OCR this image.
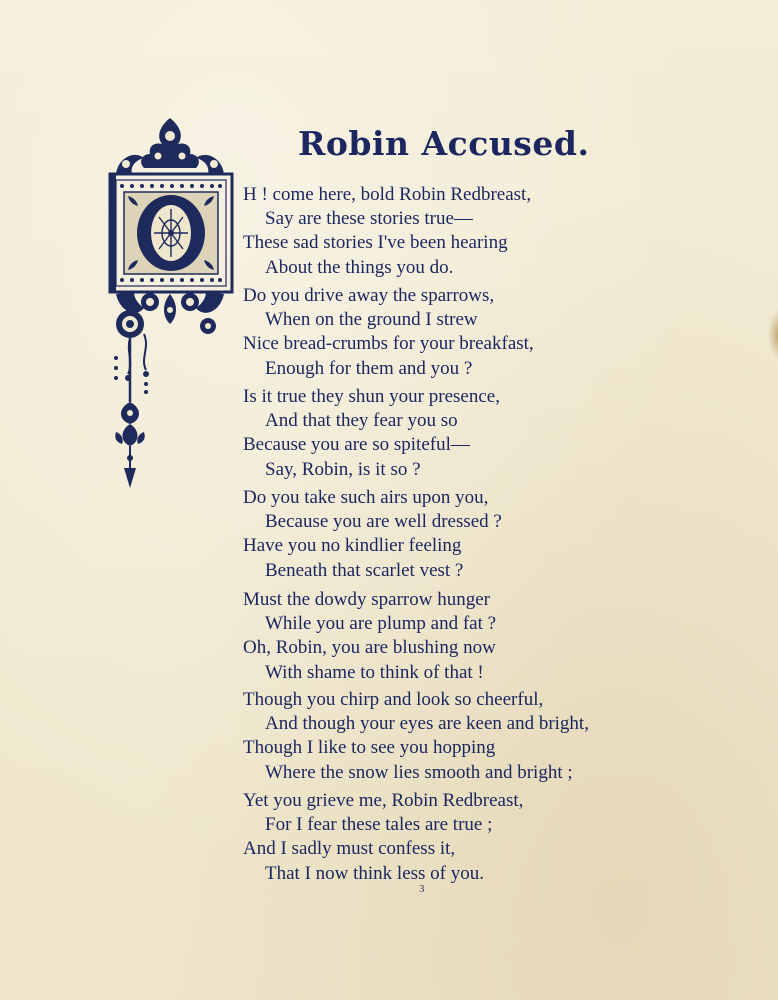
Robin Accused.
H ! come here, bold Robin Redbreast,
Say are these stories true—
These sad stories I've been hearing
About the things you do.
Do you drive away the sparrows,
When on the ground I strew
Nice bread-crumbs for your breakfast,
Enough for them and you ?
Is it true they shun your presence,
And that they fear you so
Because you are so spiteful—
Say, Robin, is it so ?
Do you take such airs upon you,
Because you are well dressed ?
Have you no kindlier feeling
Beneath that scarlet vest ?
Must the dowdy sparrow hunger
While you are plump and fat ?
Oh, Robin, you are blushing now
With shame to think of that !
Though you chirp and look so cheerful,
And though your eyes are keen and bright,
Though I like to see you hopping
Where the snow lies smooth and bright ;
Yet you grieve me, Robin Redbreast,
For I fear these tales are true ;
And I sadly must confess it,
That I now think less of you.
3
